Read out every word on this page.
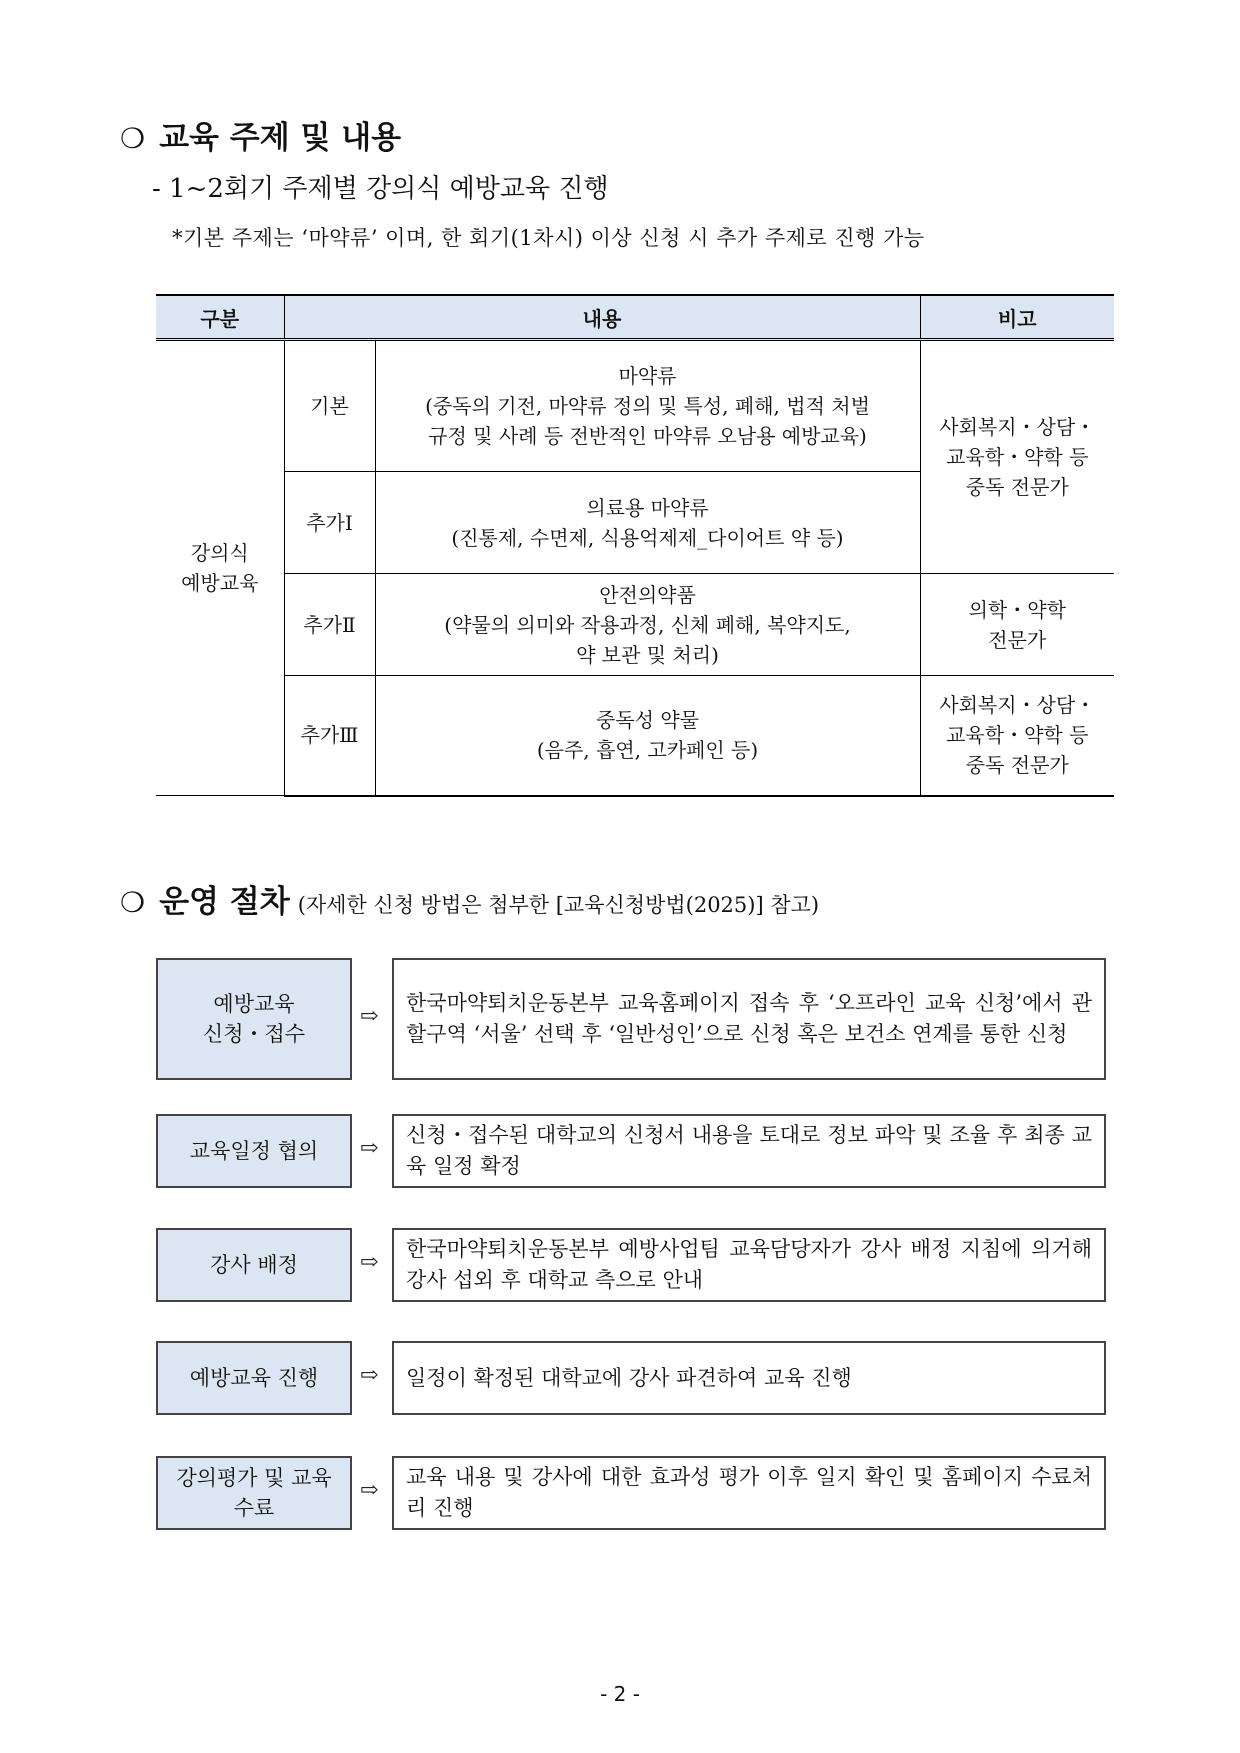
❍ 교육 주제 및 내용
- 1~2회기 주제별 강의식 예방교육 진행
*기본 주제는 ‘마약류’ 이며, 한 회기(1차시) 이상 신청 시 추가 주제로 진행 가능
구분	내용		비고
강의식
예방교육	기본	마약류
(중독의 기전, 마약류 정의 및 특성, 폐해, 법적 처벌
규정 및 사례 등 전반적인 마약류 오남용 예방교육)	사회복지・상담・
교육학・약학 등
중독 전문가

	추가Ⅰ	의료용 마약류
(진통제, 수면제, 식용억제제_다이어트 약 등)	

	추가Ⅱ	안전의약품
(약물의 의미와 작용과정, 신체 폐해, 복약지도,
약 보관 및 처리)	의학・약학
전문가

	추가Ⅲ	중독성 약물
(음주, 흡연, 고카페인 등)	사회복지・상담・
교육학・약학 등
중독 전문가
❍ 운영 절차 (자세한 신청 방법은 첨부한 [교육신청방법(2025)] 참고)
예방교육
신청・접수
⇨
한국마약퇴치운동본부 교육홈페이지 접속 후 ‘오프라인 교육 신청’에서 관할구역 ‘서울’ 선택 후 ‘일반성인’으로 신청 혹은 보건소 연계를 통한 신청
교육일정 협의	⇨
신청・접수된 대학교의 신청서 내용을 토대로 정보 파악 및 조율 후 최종 교육 일정 확정
강사 배정	⇨
한국마약퇴치운동본부 예방사업팀 교육담당자가 강사 배정 지침에 의거해 강사 섭외 후 대학교 측으로 안내
예방교육 진행	⇨	일정이 확정된 대학교에 강사 파견하여 교육 진행
강의평가 및 교육
수료
⇨
교육 내용 및 강사에 대한 효과성 평가 이후 일지 확인 및 홈페이지 수료처리 진행
- 2 -
